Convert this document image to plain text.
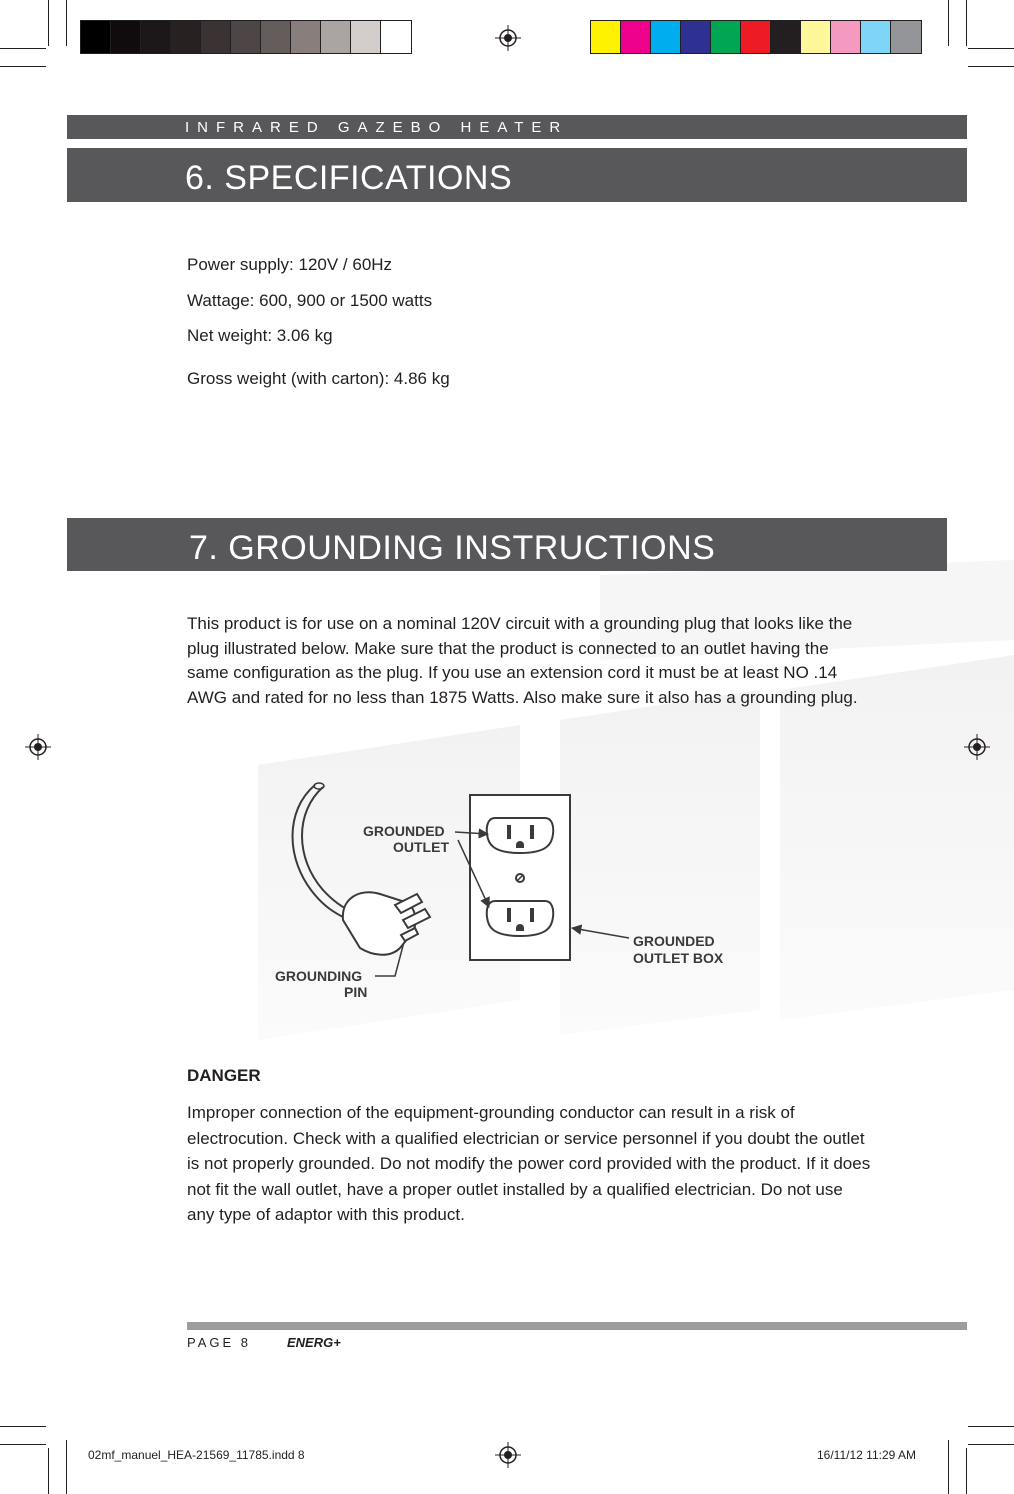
INFRARED GAZEBO HEATER
6. SPECIFICATIONS
Power supply: 120V / 60Hz
Wattage: 600, 900 or 1500 watts
Net weight: 3.06 kg
Gross weight (with carton): 4.86 kg
7. GROUNDING INSTRUCTIONS
This product is for use on a nominal 120V circuit with a grounding plug that looks like the
plug illustrated below. Make sure that the product is connected to an outlet having the
same configuration as the plug. If you use an extension cord it must be at least NO .14
AWG and rated for no less than 1875 Watts. Also make sure it also has a grounding plug.
GROUNDED
OUTLET
GROUNDED
OUTLET BOX
GROUNDING
PIN
DANGER
Improper connection of the equipment-grounding conductor can result in a risk of
electrocution. Check with a qualified electrician or service personnel if you doubt the outlet
is not properly grounded. Do not modify the power cord provided with the product. If it does
not fit the wall outlet, have a proper outlet installed by a qualified electrician. Do not use
any type of adaptor with this product.
PAGE 8	ENERG+
02mf_manuel_HEA-21569_11785.indd 8	16/11/12 11:29 AM
